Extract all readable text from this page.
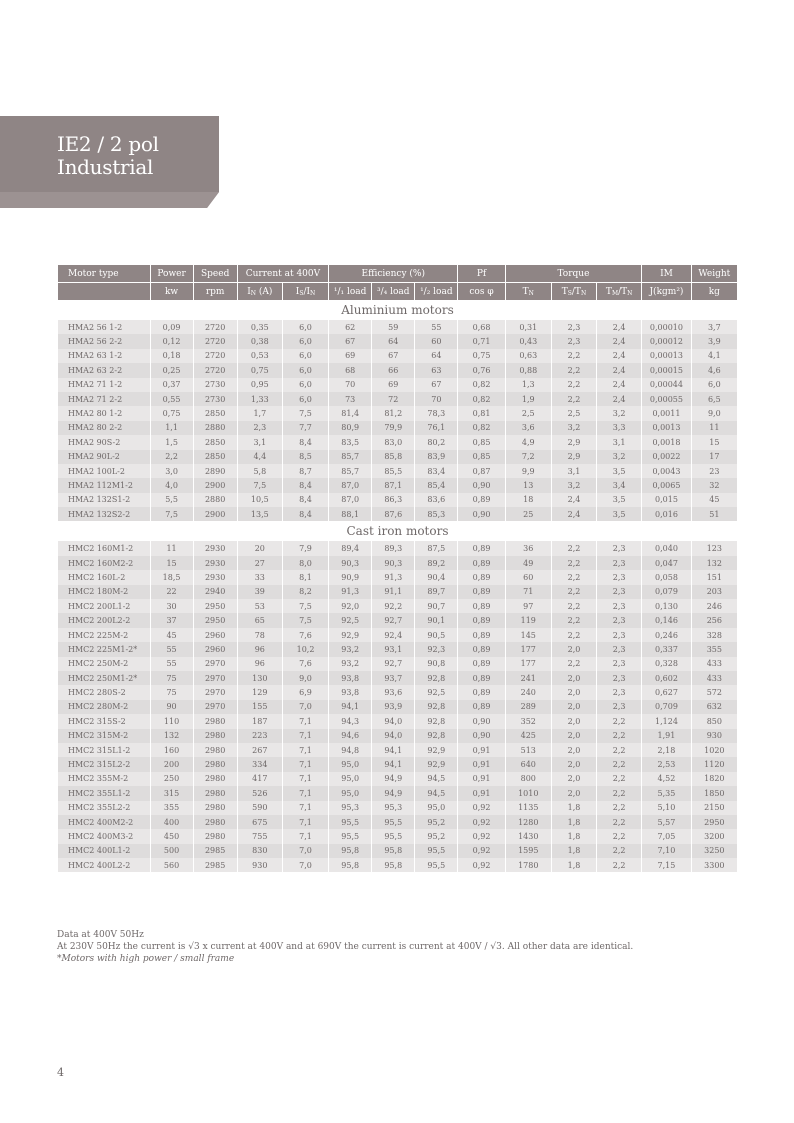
IE2 / 2 pol
Industrial
Motor type	Power	Speed	Current at 400V		Efficiency (%)			Pf	Torque			IM	Weight
	kw	rpm	$I_N$ (A)	$I_S/I_N$	¹/₁ load	³/₄ load	¹/₂ load	cos φ	$T_N$	$T_S/T_N$	$T_M/T_N$	J(kgm²)	kg
Aluminium motors													
HMA2 56 1-2	0,09	2720	0,35	6,0	62	59	55	0,68	0,31	2,3	2,4	0,00010	3,7
HMA2 56 2-2	0,12	2720	0,38	6,0	67	64	60	0,71	0,43	2,3	2,4	0,00012	3,9
HMA2 63 1-2	0,18	2720	0,53	6,0	69	67	64	0,75	0,63	2,2	2,4	0,00013	4,1
HMA2 63 2-2	0,25	2720	0,75	6,0	68	66	63	0,76	0,88	2,2	2,4	0,00015	4,6
HMA2 71 1-2	0,37	2730	0,95	6,0	70	69	67	0,82	1,3	2,2	2,4	0,00044	6,0
HMA2 71 2-2	0,55	2730	1,33	6,0	73	72	70	0,82	1,9	2,2	2,4	0,00055	6,5
HMA2 80 1-2	0,75	2850	1,7	7,5	81,4	81,2	78,3	0,81	2,5	2,5	3,2	0,0011	9,0
HMA2 80 2-2	1,1	2880	2,3	7,7	80,9	79,9	76,1	0,82	3,6	3,2	3,3	0,0013	11
HMA2 90S-2	1,5	2850	3,1	8,4	83,5	83,0	80,2	0,85	4,9	2,9	3,1	0,0018	15
HMA2 90L-2	2,2	2850	4,4	8,5	85,7	85,8	83,9	0,85	7,2	2,9	3,2	0,0022	17
HMA2 100L-2	3,0	2890	5,8	8,7	85,7	85,5	83,4	0,87	9,9	3,1	3,5	0,0043	23
HMA2 112M1-2	4,0	2900	7,5	8,4	87,0	87,1	85,4	0,90	13	3,2	3,4	0,0065	32
HMA2 132S1-2	5,5	2880	10,5	8,4	87,0	86,3	83,6	0,89	18	2,4	3,5	0,015	45
HMA2 132S2-2	7,5	2900	13,5	8,4	88,1	87,6	85,3	0,90	25	2,4	3,5	0,016	51
Cast iron motors													
HMC2 160M1-2	11	2930	20	7,9	89,4	89,3	87,5	0,89	36	2,2	2,3	0,040	123
HMC2 160M2-2	15	2930	27	8,0	90,3	90,3	89,2	0,89	49	2,2	2,3	0,047	132
HMC2 160L-2	18,5	2930	33	8,1	90,9	91,3	90,4	0,89	60	2,2	2,3	0,058	151
HMC2 180M-2	22	2940	39	8,2	91,3	91,1	89,7	0,89	71	2,2	2,3	0,079	203
HMC2 200L1-2	30	2950	53	7,5	92,0	92,2	90,7	0,89	97	2,2	2,3	0,130	246
HMC2 200L2-2	37	2950	65	7,5	92,5	92,7	90,1	0,89	119	2,2	2,3	0,146	256
HMC2 225M-2	45	2960	78	7,6	92,9	92,4	90,5	0,89	145	2,2	2,3	0,246	328
HMC2 225M1-2*	55	2960	96	10,2	93,2	93,1	92,3	0,89	177	2,0	2,3	0,337	355
HMC2 250M-2	55	2970	96	7,6	93,2	92,7	90,8	0,89	177	2,2	2,3	0,328	433
HMC2 250M1-2*	75	2970	130	9,0	93,8	93,7	92,8	0,89	241	2,0	2,3	0,602	433
HMC2 280S-2	75	2970	129	6,9	93,8	93,6	92,5	0,89	240	2,0	2,3	0,627	572
HMC2 280M-2	90	2970	155	7,0	94,1	93,9	92,8	0,89	289	2,0	2,3	0,709	632
HMC2 315S-2	110	2980	187	7,1	94,3	94,0	92,8	0,90	352	2,0	2,2	1,124	850
HMC2 315M-2	132	2980	223	7,1	94,6	94,0	92,8	0,90	425	2,0	2,2	1,91	930
HMC2 315L1-2	160	2980	267	7,1	94,8	94,1	92,9	0,91	513	2,0	2,2	2,18	1020
HMC2 315L2-2	200	2980	334	7,1	95,0	94,1	92,9	0,91	640	2,0	2,2	2,53	1120
HMC2 355M-2	250	2980	417	7,1	95,0	94,9	94,5	0,91	800	2,0	2,2	4,52	1820
HMC2 355L1-2	315	2980	526	7,1	95,0	94,9	94,5	0,91	1010	2,0	2,2	5,35	1850
HMC2 355L2-2	355	2980	590	7,1	95,3	95,3	95,0	0,92	1135	1,8	2,2	5,10	2150
HMC2 400M2-2	400	2980	675	7,1	95,5	95,5	95,2	0,92	1280	1,8	2,2	5,57	2950
HMC2 400M3-2	450	2980	755	7,1	95,5	95,5	95,2	0,92	1430	1,8	2,2	7,05	3200
HMC2 400L1-2	500	2985	830	7,0	95,8	95,8	95,5	0,92	1595	1,8	2,2	7,10	3250
HMC2 400L2-2	560	2985	930	7,0	95,8	95,8	95,5	0,92	1780	1,8	2,2	7,15	3300
Data at 400V 50Hz
At 230V 50Hz the current is √3 x current at 400V and at 690V the current is current at 400V / √3. All other data are identical.
*Motors with high power / small frame
4
